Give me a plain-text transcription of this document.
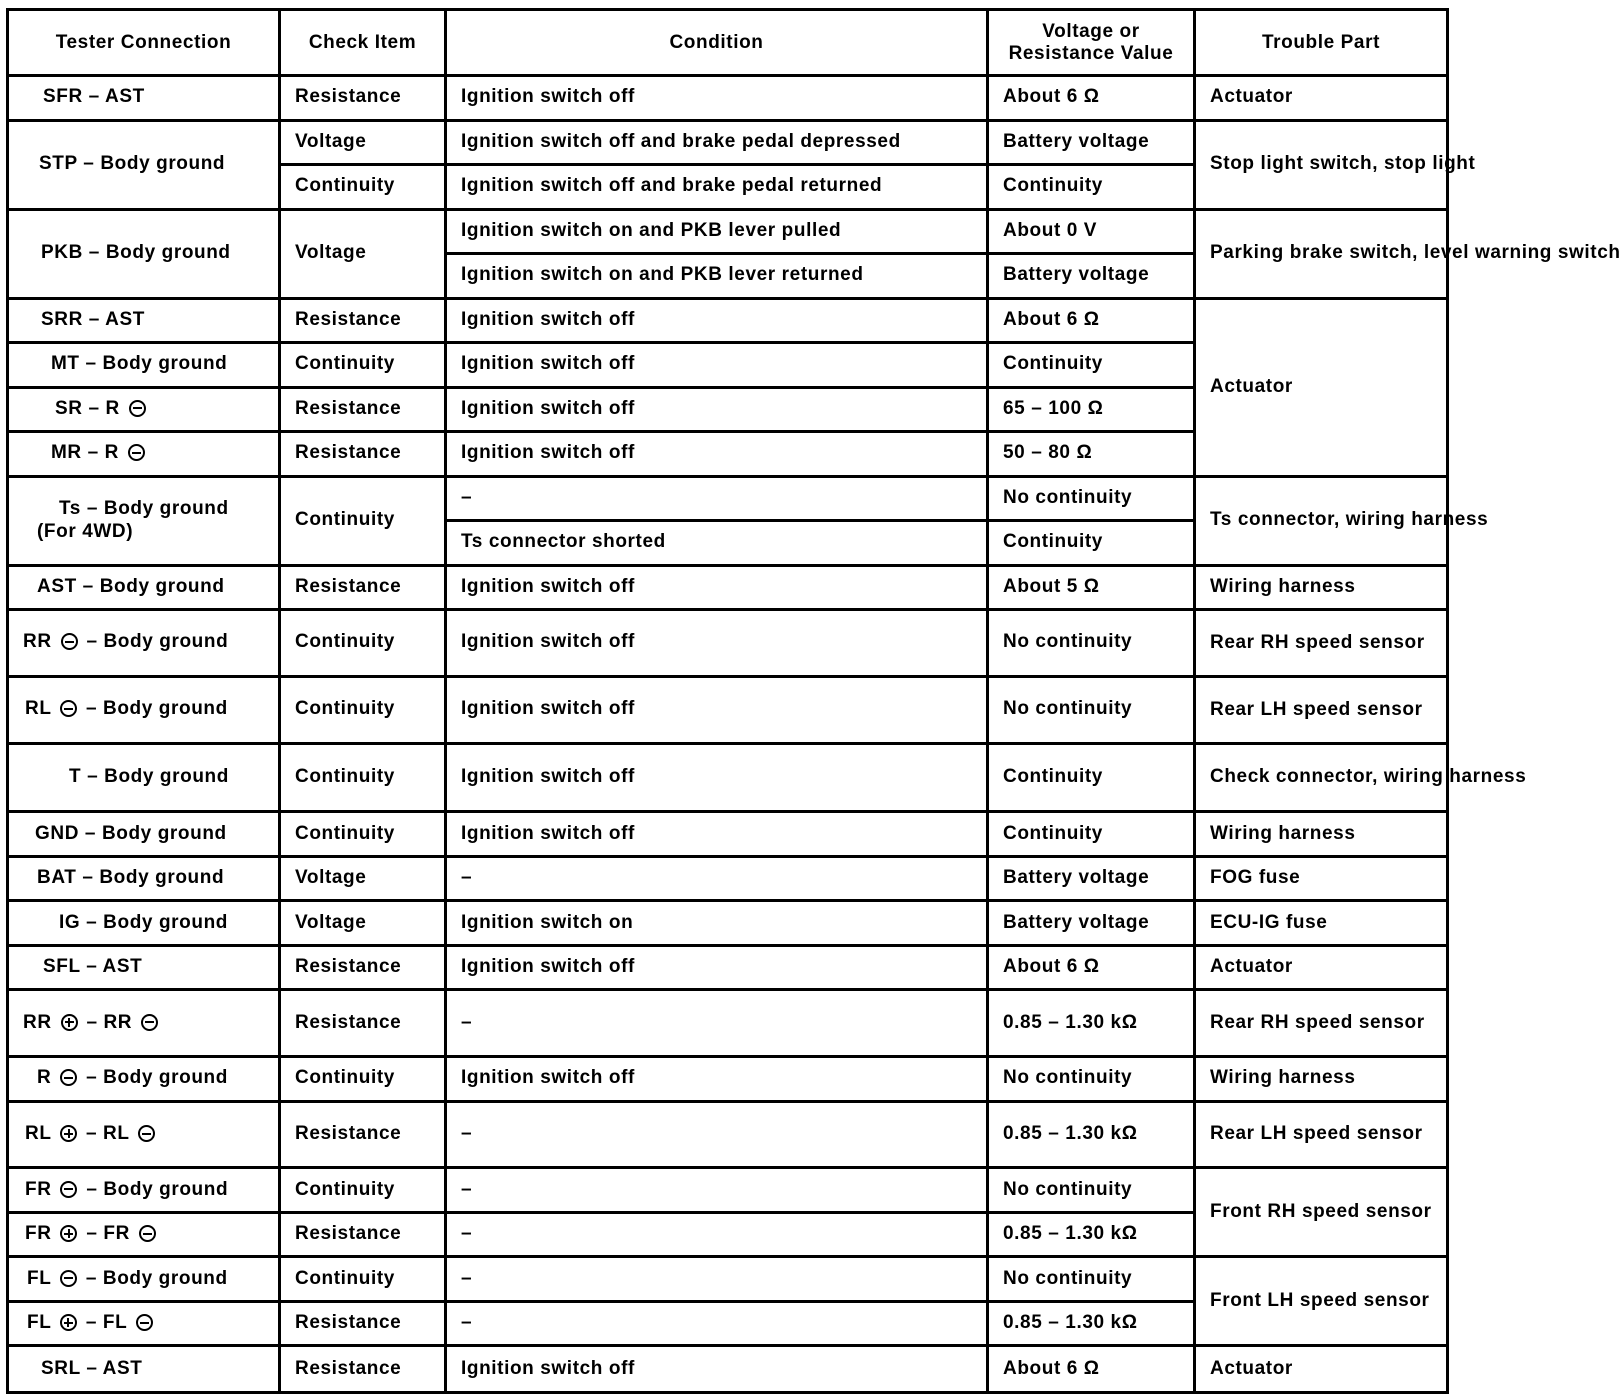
Tester Connection	Check Item	Condition	Voltage or Resistance Value	Trouble Part
SFR – AST	Resistance	Ignition switch off	About 6 Ω	Actuator
STP – Body ground	Voltage	Ignition switch off and brake pedal depressed	Battery voltage	Stop light switch, stop light
	Continuity	Ignition switch off and brake pedal returned	Continuity	
PKB – Body ground	Voltage	Ignition switch on and PKB lever pulled	About 0 V	Parking brake switch, level warning switch
		Ignition switch on and PKB lever returned	Battery voltage	
SRR – AST	Resistance	Ignition switch off	About 6 Ω	Actuator
MT – Body ground	Continuity	Ignition switch off	Continuity	
SR – R	Resistance	Ignition switch off	65 – 100 Ω	
MR – R	Resistance	Ignition switch off	50 – 80 Ω	

Ts – Body ground
(For 4WD)	Continuity	–	No continuity	Ts connector, wiring harness
		Ts connector shorted	Continuity	
AST – Body ground	Resistance	Ignition switch off	About 5 Ω	Wiring harness
RR – Body ground	Continuity	Ignition switch off	No continuity	Rear RH speed sensor
RL – Body ground	Continuity	Ignition switch off	No continuity	Rear LH speed sensor
T – Body ground	Continuity	Ignition switch off	Continuity	Check connector, wiring harness
GND – Body ground	Continuity	Ignition switch off	Continuity	Wiring harness
BAT – Body ground	Voltage	–	Battery voltage	FOG fuse
IG – Body ground	Voltage	Ignition switch on	Battery voltage	ECU-IG fuse
SFL – AST	Resistance	Ignition switch off	About 6 Ω	Actuator
RR – RR	Resistance	–	0.85 – 1.30 kΩ	Rear RH speed sensor
R – Body ground	Continuity	Ignition switch off	No continuity	Wiring harness
RL – RL	Resistance	–	0.85 – 1.30 kΩ	Rear LH speed sensor
FR – Body ground	Continuity	–	No continuity	Front RH speed sensor
FR – FR	Resistance	–	0.85 – 1.30 kΩ	
FL – Body ground	Continuity	–	No continuity	Front LH speed sensor
FL – FL	Resistance	–	0.85 – 1.30 kΩ	
SRL – AST	Resistance	Ignition switch off	About 6 Ω	Actuator
